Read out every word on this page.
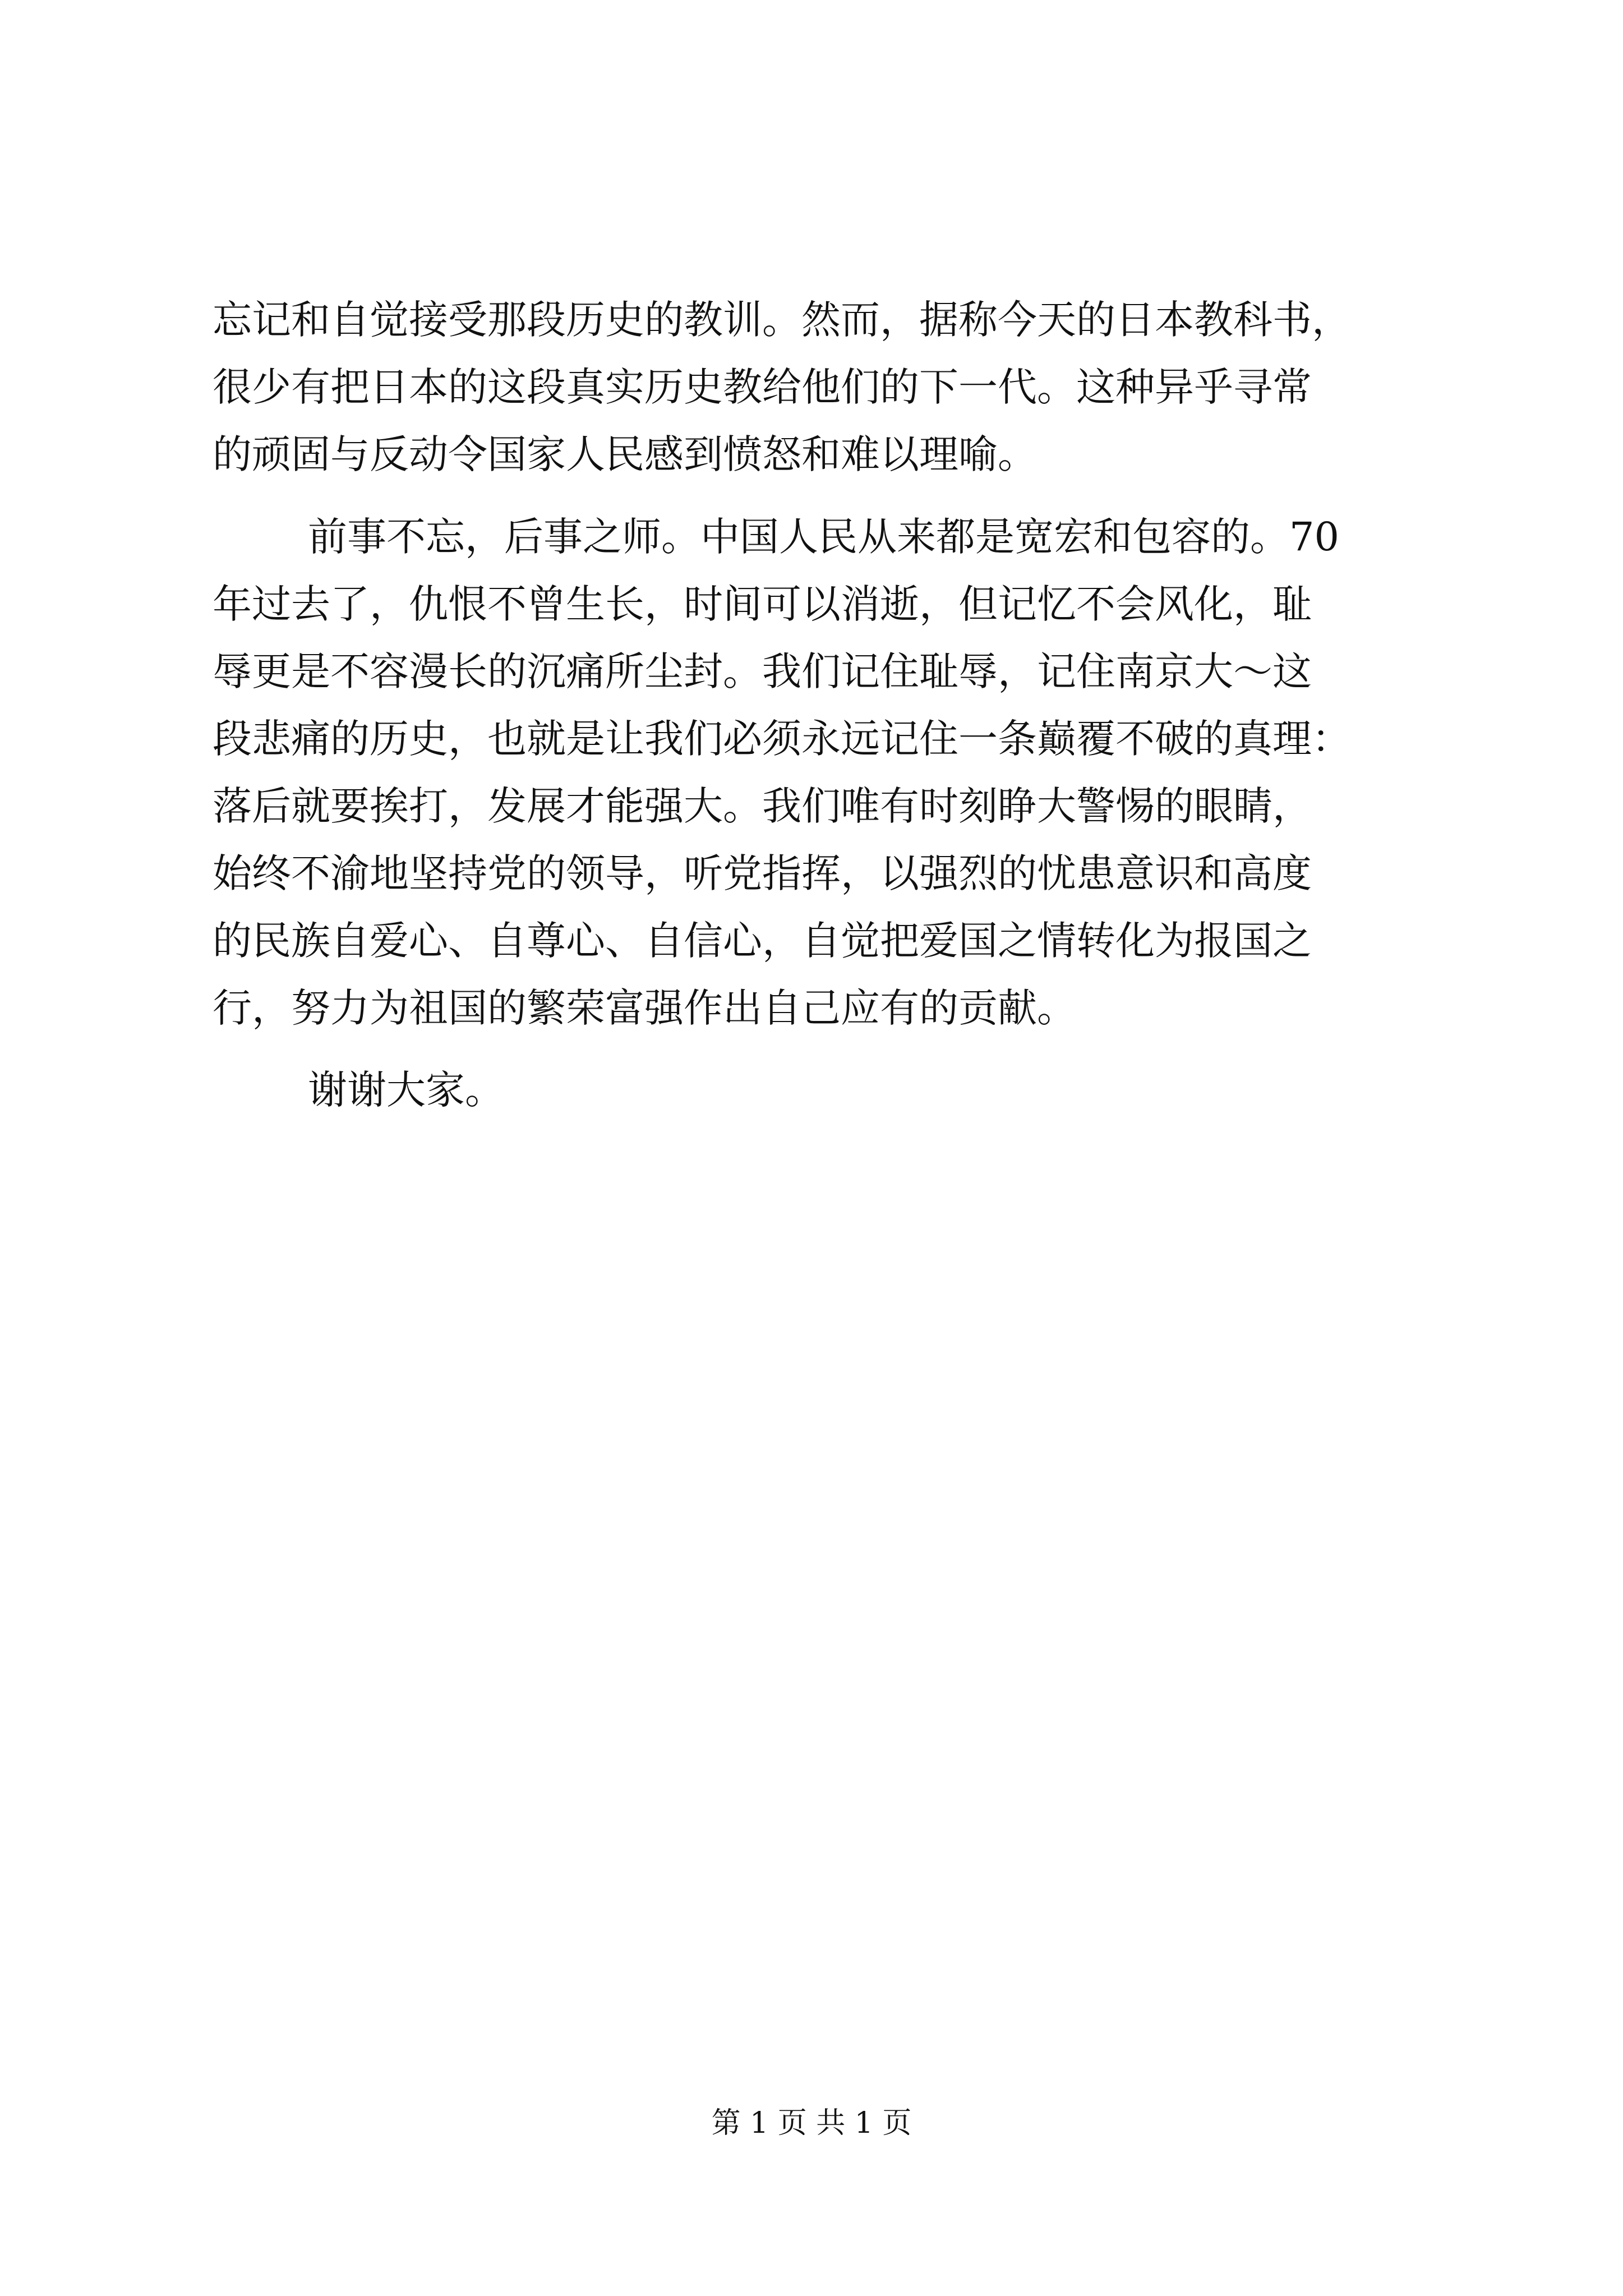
忘记和自觉接受那段历史的教训。然而，据称今天的日本教科书，
很少有把日本的这段真实历史教给他们的下一代。这种异乎寻常
的顽固与反动令国家人民感到愤怒和难以理喻。
前事不忘，后事之师。中国人民从来都是宽宏和包容的。70
年过去了，仇恨不曾生长，时间可以消逝，但记忆不会风化，耻
辱更是不容漫长的沉痛所尘封。我们记住耻辱，记住南京大～这
段悲痛的历史，也就是让我们必须永远记住一条巅覆不破的真理：
落后就要挨打，发展才能强大。我们唯有时刻睁大警惕的眼睛，
始终不渝地坚持党的领导，听党指挥，以强烈的忧患意识和高度
的民族自爱心、自尊心、自信心，自觉把爱国之情转化为报国之
行，努力为祖国的繁荣富强作出自己应有的贡献。
谢谢大家。
第 1 页 共 1 页
